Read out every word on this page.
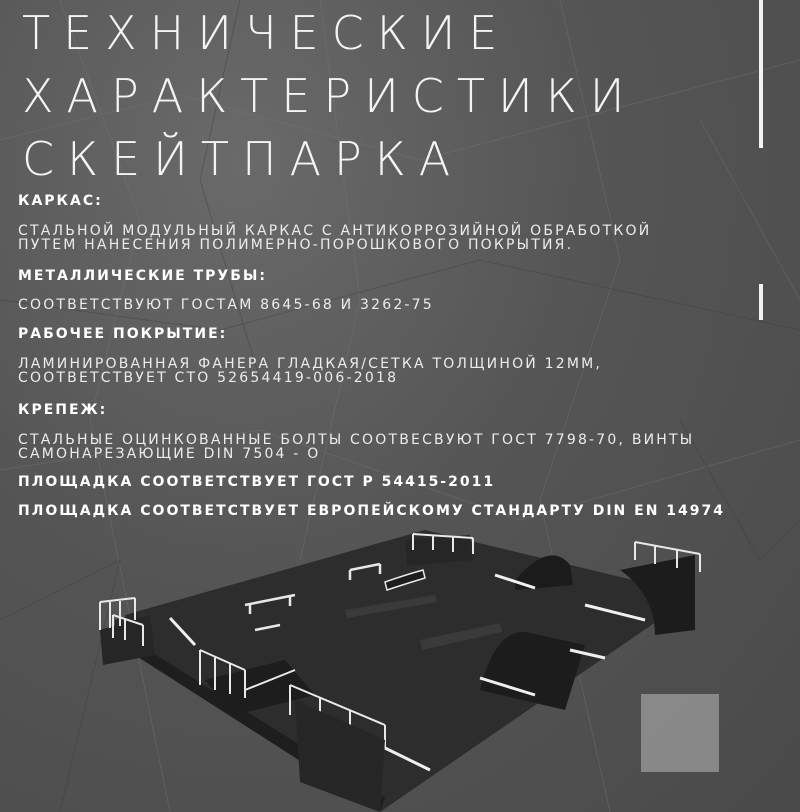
ТЕХНИЧЕСКИЕ
ХАРАКТЕРИСТИКИ
СКЕЙТПАРКА
КАРКАС:

СТАЛЬНОЙ МОДУЛЬНЫЙ КАРКАС С АНТИКОРРОЗИЙНОЙ ОБРАБОТКОЙ

ПУТЕМ НАНЕСЕНИЯ ПОЛИМЕРНО-ПОРОШКОВОГО ПОКРЫТИЯ.

МЕТАЛЛИЧЕСКИЕ ТРУБЫ:

СООТВЕТСТВУЮТ ГОСТАМ 8645-68 И 3262-75

РАБОЧЕЕ ПОКРЫТИЕ:

ЛАМИНИРОВАННАЯ ФАНЕРА ГЛАДКАЯ/СЕТКА ТОЛЩИНОЙ 12ММ,

СООТВЕТСТВУЕТ СТО 52654419-006-2018

КРЕПЕЖ:

СТАЛЬНЫЕ ОЦИНКОВАННЫЕ БОЛТЫ СООТВЕСВУЮТ ГОСТ 7798-70, ВИНТЫ

САМОНАРЕЗАЮЩИЕ DIN 7504 - O

ПЛОЩАДКА СООТВЕТСТВУЕТ ГОСТ Р 54415-2011
ПЛОЩАДКА СООТВЕТСТВУЕТ ЕВРОПЕЙСКОМУ СТАНДАРТУ DIN EN 14974
